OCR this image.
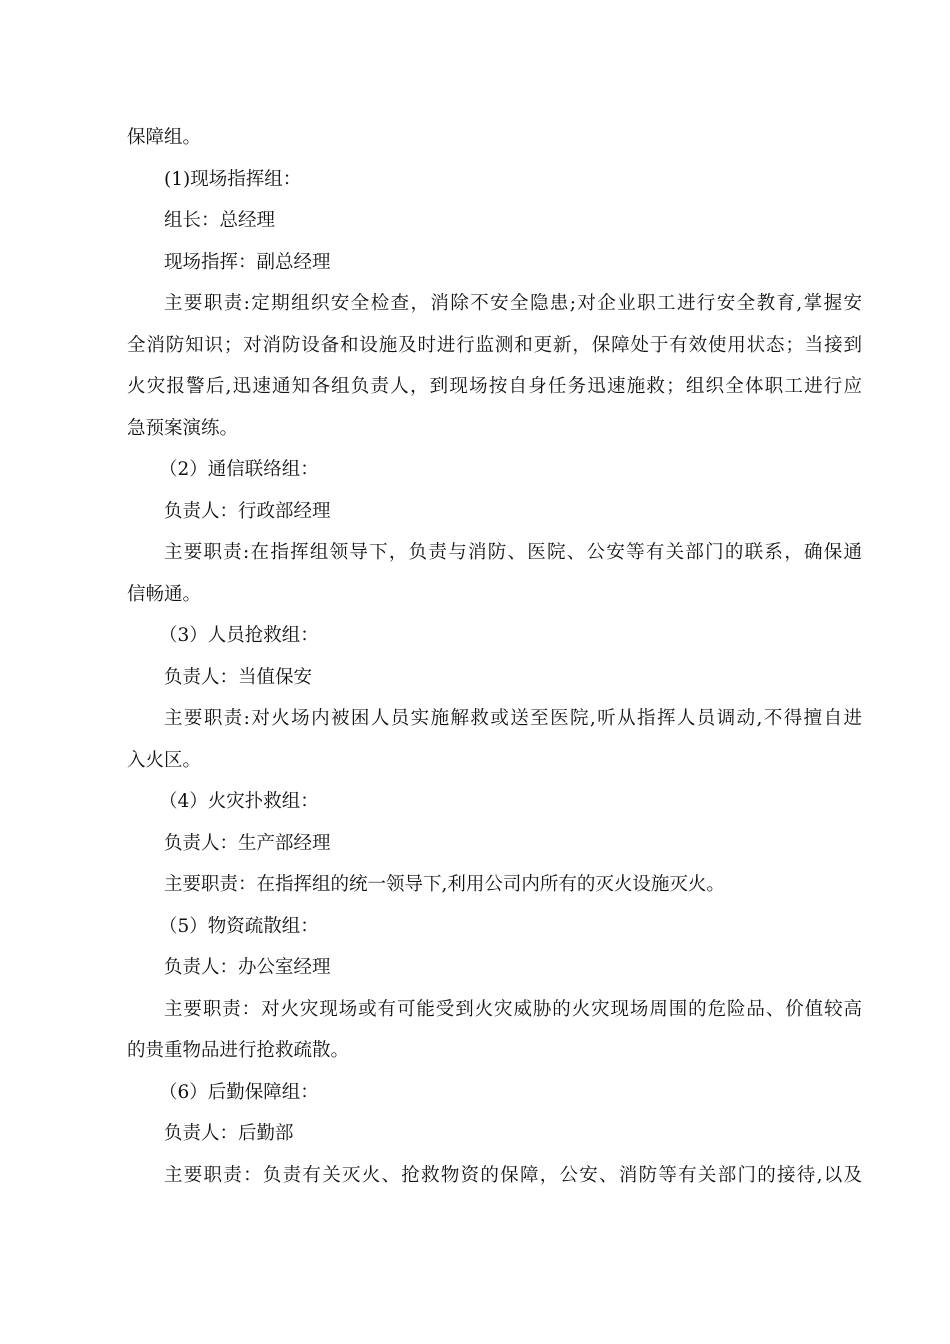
保障组。
(1)现场指挥组：
组长：总经理
现场指挥：副总经理
主要职责:定期组织安全检查，消除不安全隐患;对企业职工进行安全教育,掌握安
全消防知识；对消防设备和设施及时进行监测和更新，保障处于有效使用状态；当接到
火灾报警后,迅速通知各组负责人，到现场按自身任务迅速施救；组织全体职工进行应
急预案演练。
（2）通信联络组：
负责人：行政部经理
主要职责:在指挥组领导下，负责与消防、医院、公安等有关部门的联系，确保通
信畅通。
（3）人员抢救组：
负责人：当值保安
主要职责:对火场内被困人员实施解救或送至医院,听从指挥人员调动,不得擅自进
入火区。
（4）火灾扑救组：
负责人：生产部经理
主要职责：在指挥组的统一领导下,利用公司内所有的灭火设施灭火。
（5）物资疏散组：
负责人：办公室经理
主要职责：对火灾现场或有可能受到火灾威胁的火灾现场周围的危险品、价值较高
的贵重物品进行抢救疏散。
（6）后勤保障组：
负责人：后勤部
主要职责：负责有关灭火、抢救物资的保障，公安、消防等有关部门的接待,以及
